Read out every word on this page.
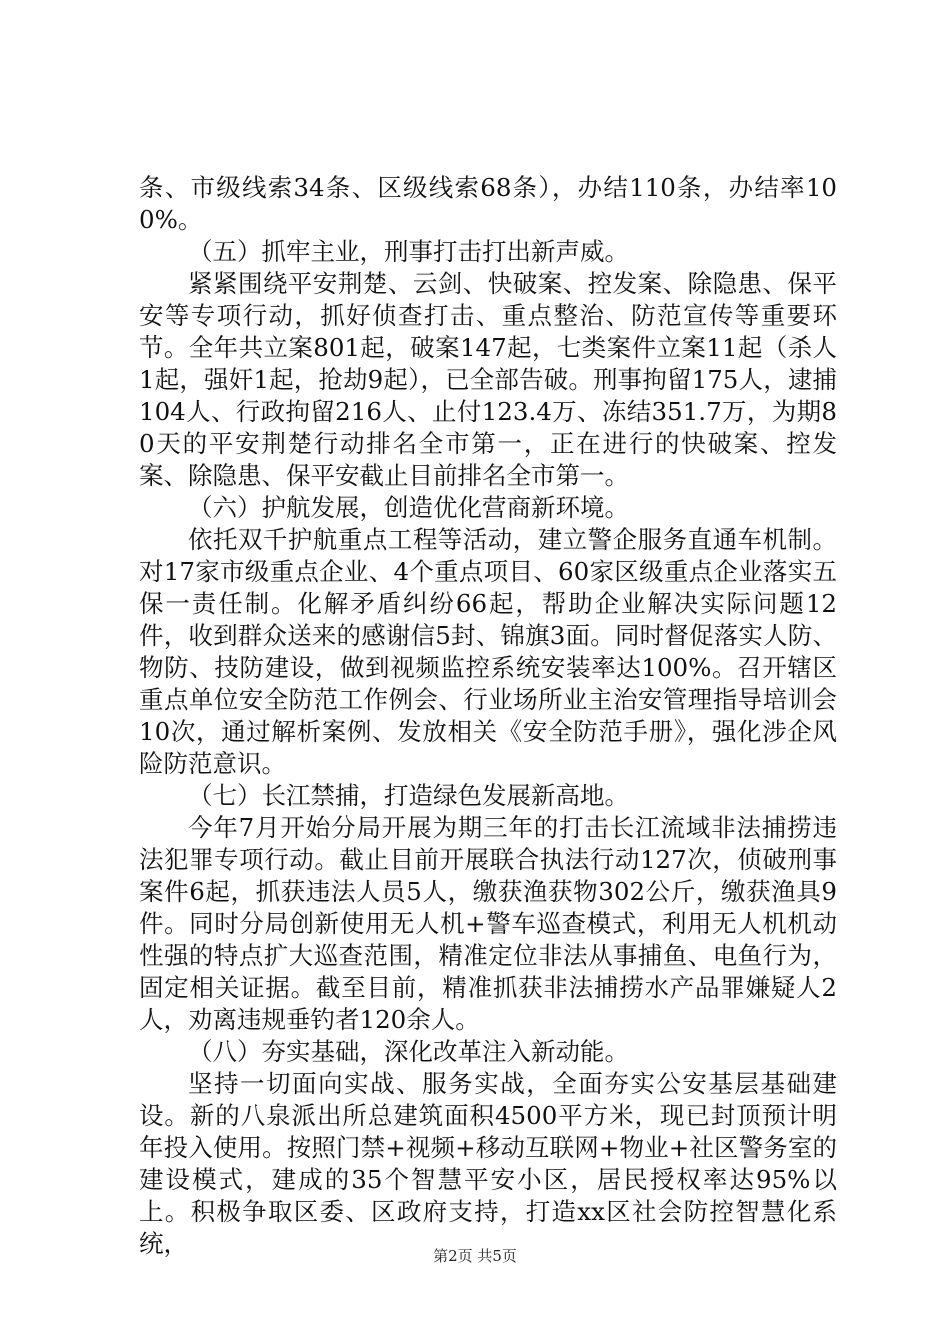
条、市级线索34条、区级线索68条），办结110条，办结率100%。

（五）抓牢主业，刑事打击打出新声威。

紧紧围绕平安荆楚、云剑、快破案、控发案、除隐患、保平安等专项行动，抓好侦查打击、重点整治、防范宣传等重要环节。全年共立案801起，破案147起，七类案件立案11起（杀人1起，强奸1起，抢劫9起），已全部告破。刑事拘留175人，逮捕104人、行政拘留216人、止付123.4万、冻结351.7万，为期80天的平安荆楚行动排名全市第一，正在进行的快破案、控发案、除隐患、保平安截止目前排名全市第一。

（六）护航发展，创造优化营商新环境。

依托双千护航重点工程等活动，建立警企服务直通车机制。对17家市级重点企业、4个重点项目、60家区级重点企业落实五保一责任制。化解矛盾纠纷66起，帮助企业解决实际问题12件，收到群众送来的感谢信5封、锦旗3面。同时督促落实人防、物防、技防建设，做到视频监控系统安装率达100%。召开辖区重点单位安全防范工作例会、行业场所业主治安管理指导培训会10次，通过解析案例、发放相关《安全防范手册》，强化涉企风险防范意识。

（七）长江禁捕，打造绿色发展新高地。

今年7月开始分局开展为期三年的打击长江流域非法捕捞违法犯罪专项行动。截止目前开展联合执法行动127次，侦破刑事案件6起，抓获违法人员5人，缴获渔获物302公斤，缴获渔具9件。同时分局创新使用无人机+警车巡查模式，利用无人机机动性强的特点扩大巡查范围，精准定位非法从事捕鱼、电鱼行为，固定相关证据。截至目前，精准抓获非法捕捞水产品罪嫌疑人2人，劝离违规垂钓者120余人。

（八）夯实基础，深化改革注入新动能。

坚持一切面向实战、服务实战，全面夯实公安基层基础建设。新的八泉派出所总建筑面积4500平方米，现已封顶预计明年投入使用。按照门禁+视频+移动互联网+物业+社区警务室的建设模式，建成的35个智慧平安小区，居民授权率达95%以上。积极争取区委、区政府支持，打造xx区社会防控智慧化系统，	第2页 共5页
